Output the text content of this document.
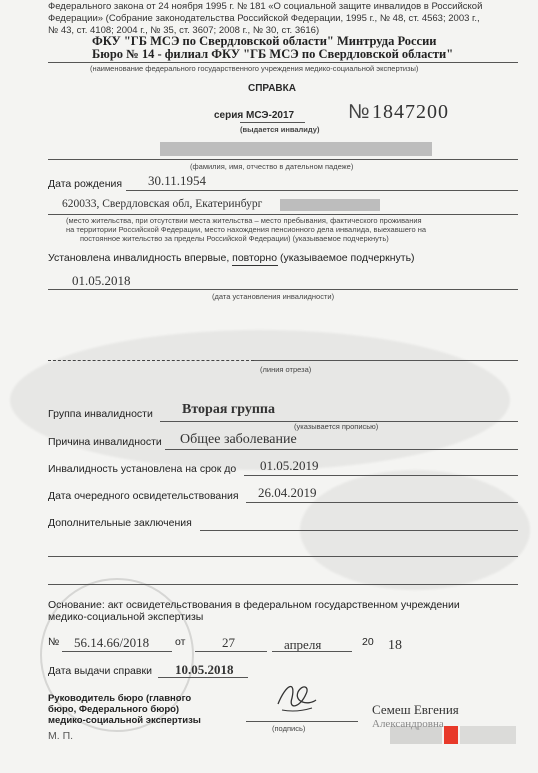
Федерального закона от 24 ноября 1995 г. № 181 «О социальной защите инвалидов в Российской
Федерации» (Собрание законодательства Российской Федерации, 1995 г., № 48, ст. 4563; 2003 г.,
№ 43, ст. 4108; 2004 г., № 35, ст. 3607; 2008 г., № 30, ст. 3616)
ФКУ "ГБ МСЭ по Свердловской области" Минтруда России
Бюро № 14 - филиал ФКУ "ГБ МСЭ по Свердловской области"
(наименование федерального государственного учреждения медико-социальной экспертизы)
СПРАВКА
серия МСЭ-2017	№ 1847200
(выдается инвалиду)
(фамилия, имя, отчество в дательном падеже)
Дата рождения 30.11.1954
620033, Свердловская обл, Екатеринбург
(место жительства, при отсутствии места жительства – место пребывания, фактического проживания
на территории Российской Федерации, место нахождения пенсионного дела инвалида, выехавшего на
постоянное жительство за пределы Российской Федерации) (указываемое подчеркнуть)
Установлена инвалидность впервые, повторно (указываемое подчеркнуть)
01.05.2018
(дата установления инвалидности)
(линия отреза)
Группа инвалидности Вторая группа
(указывается прописью)
Причина инвалидности Общее заболевание
Инвалидность установлена на срок до 01.05.2019
Дата очередного освидетельствования 26.04.2019
Дополнительные заключения
Основание: акт освидетельствования в федеральном государственном учреждении
медико-социальной экспертизы
№ 56.14.66/2018 от	27	апреля	20 18
Дата выдачи справки 10.05.2018
Руководитель бюро (главного
бюро, Федерального бюро)
медико-социальной экспертизы
(подпись)
Семеш Евгения
Александровна
М. П.
